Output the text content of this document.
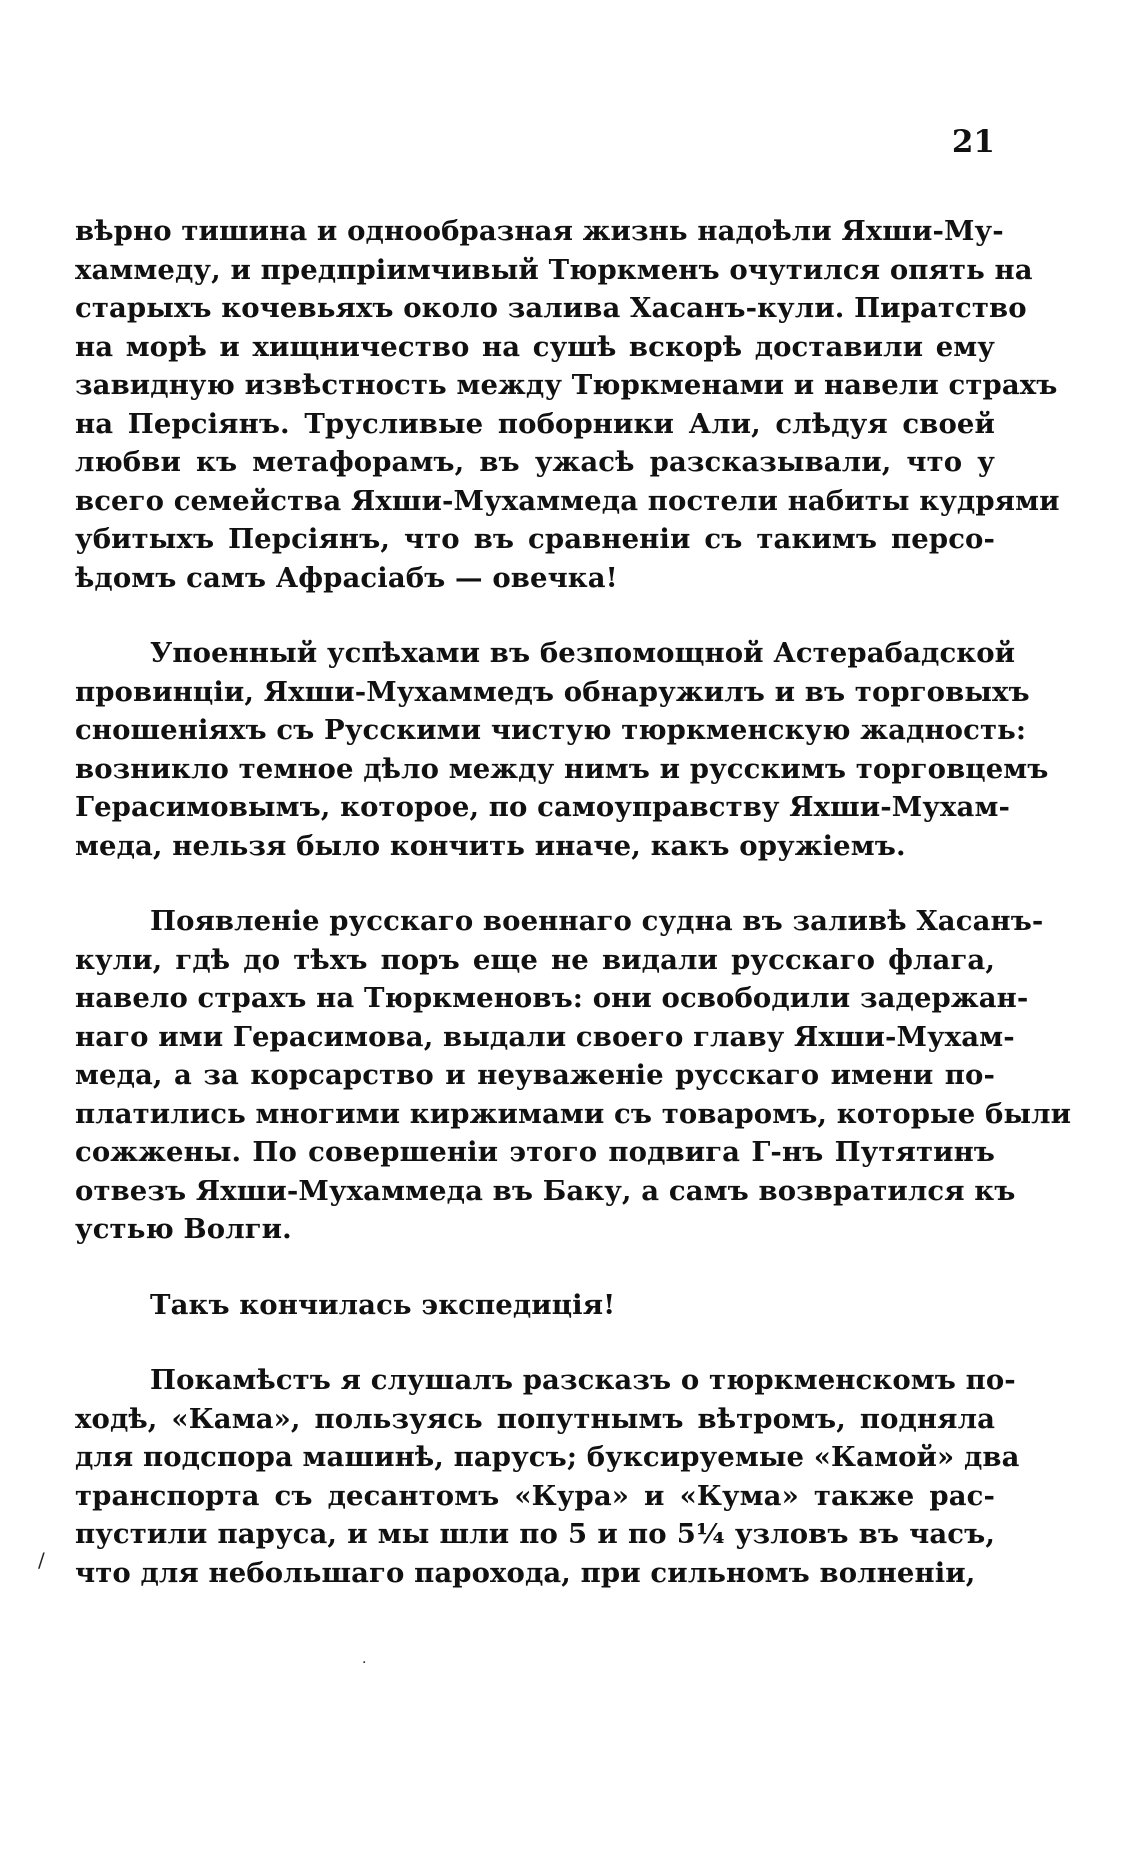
21
вѣрно тишина и однообразная жизнь надоѣли Яхши-Му-
хаммеду, и предпріимчивый Тюркменъ очутился опять на
старыхъ кочевьяхъ около залива Хасанъ-кули. Пиратство
на морѣ и хищничество на сушѣ вскорѣ доставили ему
завидную извѣстность между Тюркменами и навели страхъ
на Персіянъ. Трусливые поборники Али, слѣдуя своей
любви къ метафорамъ, въ ужасѣ разсказывали, что у
всего семейства Яхши-Мухаммеда постели набиты кудрями
убитыхъ Персіянъ, что въ сравненіи съ такимъ персо-
ѣдомъ самъ Афрасіабъ — овечка!
Упоенный успѣхами въ безпомощной Астерабадской
провинціи, Яхши-Мухаммедъ обнаружилъ и въ торговыхъ
сношеніяхъ съ Русскими чистую тюркменскую жадность:
возникло темное дѣло между нимъ и русскимъ торговцемъ
Герасимовымъ, которое, по самоуправству Яхши-Мухам-
меда, нельзя было кончить иначе, какъ оружіемъ.
Появленіе русскаго военнаго судна въ заливѣ Хасанъ-
кули, гдѣ до тѣхъ поръ еще не видали русскаго флага,
навело страхъ на Тюркменовъ: они освободили задержан-
наго ими Герасимова, выдали своего главу Яхши-Мухам-
меда, а за корсарство и неуваженіе русскаго имени по-
платились многими киржимами съ товаромъ, которые были
сожжены. По совершеніи этого подвига Г-нъ Путятинъ
отвезъ Яхши-Мухаммеда въ Баку, а самъ возвратился къ
устью Волги.
Такъ кончилась экспедиція!
Покамѣстъ я слушалъ разсказъ о тюркменскомъ по-
ходѣ, «Кама», пользуясь попутнымъ вѣтромъ, подняла
для подспора машинѣ, парусъ; буксируемые «Камой» два
транспорта съ десантомъ «Кура» и «Кума» также рас-
пустили паруса, и мы шли по 5 и по 5¼ узловъ въ часъ,
что для небольшаго парохода, при сильномъ волненіи,
/
·
